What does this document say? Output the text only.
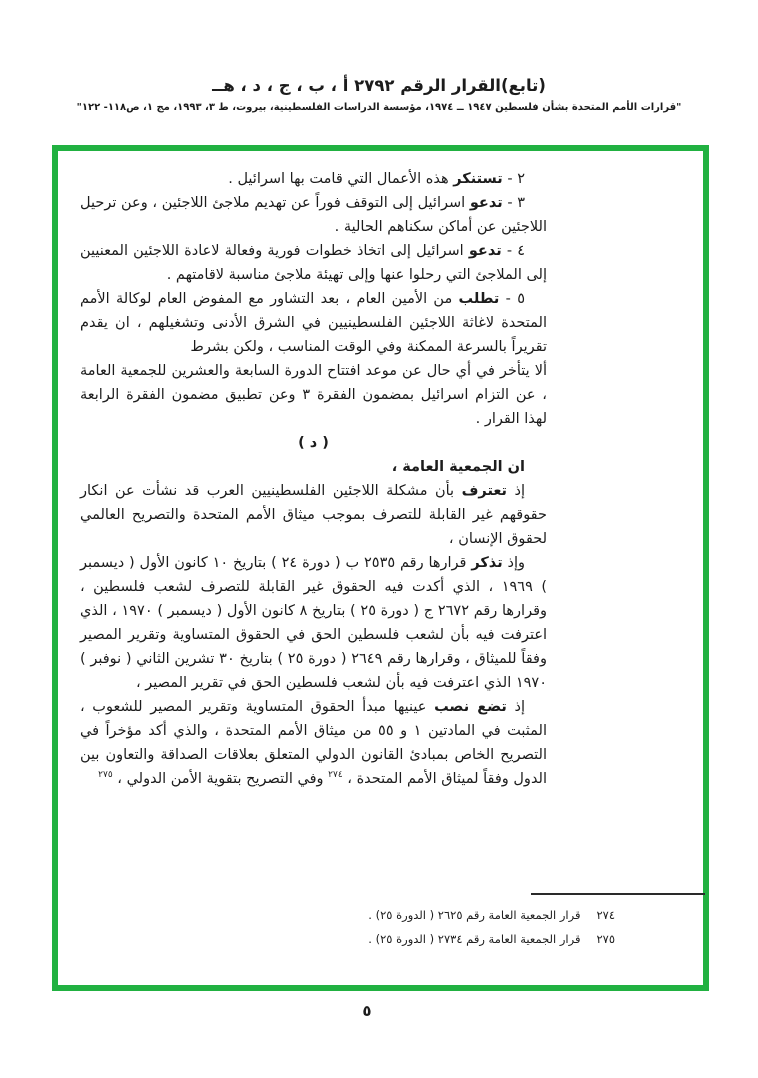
(تابع)القرار الرقم ٢٧٩٢ أ ، ب ، ج ، د ، هــ
"قرارات الأمم المتحدة بشأن فلسطين ١٩٤٧ ــ ١٩٧٤، مؤسسة الدراسات الفلسطينية، بيروت، ط ٣، ١٩٩٣، مج ١، ص١١٨- ١٢٢"

٢ - تستنكر هذه الأعمال التي قامت بها اسرائيل .

٣ - تدعو اسرائيل إلى التوقف فوراً عن تهديم ملاجئ اللاجئين ، وعن ترحيل اللاجئين عن أماكن سكناهم الحالية .

٤ - تدعو اسرائيل إلى اتخاذ خطوات فورية وفعالة لاعادة اللاجئين المعنيين إلى الملاجئ التي رحلوا عنها وإلى تهيئة ملاجئ مناسبة لاقامتهم .

٥ - تطلب من الأمين العام ، بعد التشاور مع المفوض العام لوكالة الأمم المتحدة لاغاثة اللاجئين الفلسطينيين في الشرق الأدنى وتشغيلهم ، ان يقدم تقريراً بالسرعة الممكنة وفي الوقت المناسب ، ولكن بشرط

ألا يتأخر في أي حال عن موعد افتتاح الدورة السابعة والعشرين للجمعية العامة ، عن التزام اسرائيل بمضمون الفقرة ٣ وعن تطبيق مضمون الفقرة الرابعة لهذا القرار .

( د )

ان الجمعية العامة ،

إذ تعترف بأن مشكلة اللاجئين الفلسطينيين العرب قد نشأت عن انكار حقوقهم غير القابلة للتصرف بموجب ميثاق الأمم المتحدة والتصريح العالمي لحقوق الإنسان ،

وإذ تذكر قرارها رقم ٢٥٣٥ ب ( دورة ٢٤ ) بتاريخ ١٠ كانون الأول ( ديسمبر ) ١٩٦٩ ، الذي أكدت فيه الحقوق غير القابلة للتصرف لشعب فلسطين ، وقرارها رقم ٢٦٧٢ ج ( دورة ٢٥ ) بتاريخ ٨ كانون الأول ( ديسمبر ) ١٩٧٠ ، الذي اعترفت فيه بأن لشعب فلسطين الحق في الحقوق المتساوية وتقرير المصير وفقاً للميثاق ، وقرارها رقم ٢٦٤٩ ( دورة ٢٥ ) بتاريخ ٣٠ تشرين الثاني ( نوفبر ) ١٩٧٠ الذي اعترفت فيه بأن لشعب فلسطين الحق في تقرير المصير ،

إذ تضع نصب عينيها مبدأ الحقوق المتساوية وتقرير المصير للشعوب ، المثبت في المادتين ١ و ٥٥ من ميثاق الأمم المتحدة ، والذي أكد مؤخراً في التصريح الخاص بمبادئ القانون الدولي المتعلق بعلاقات الصداقة والتعاون بين الدول وفقاً لميثاق الأمم المتحدة ، $^{٢٧٤}$ وفي التصريح بتقوية الأمن الدولي ، $^{٢٧٥}$

٢٧٤قرار الجمعية العامة رقم ٢٦٢٥ ( الدورة ٢٥) .

٢٧٥قرار الجمعية العامة رقم ٢٧٣٤ ( الدورة ٢٥) .

٥
